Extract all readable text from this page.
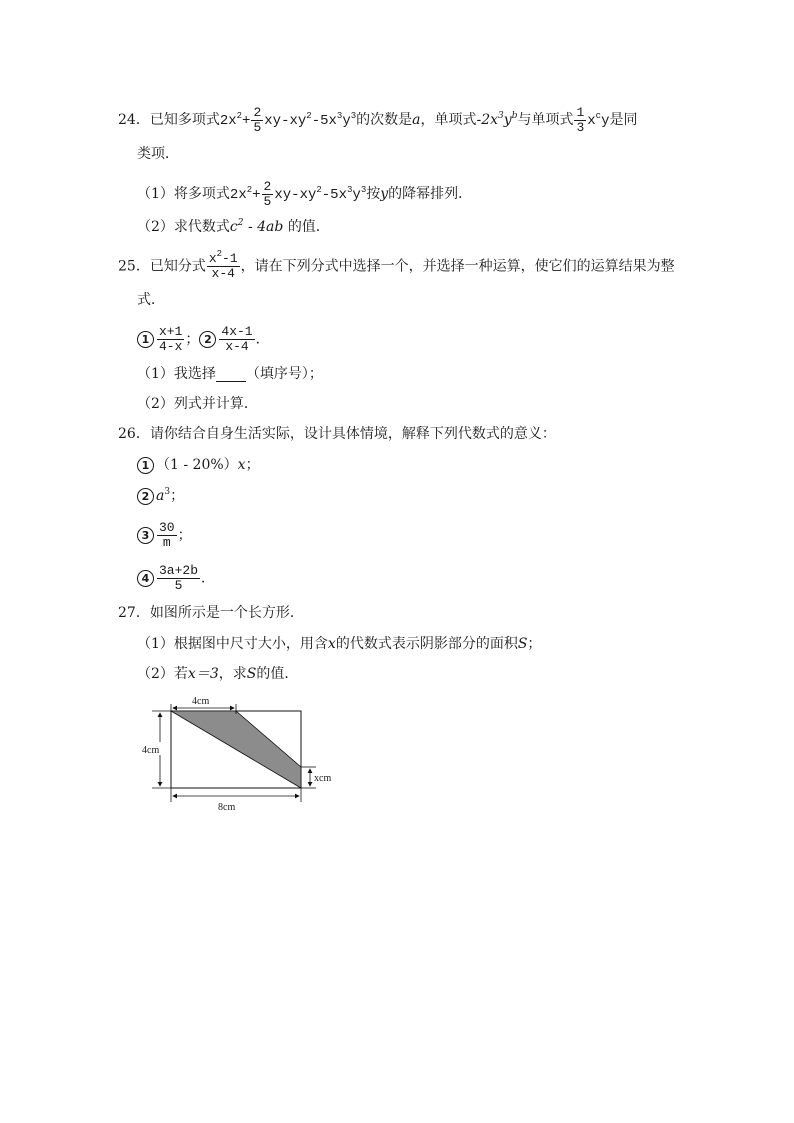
24．已知多项式$2x^2+ \frac{2}{5} xy-xy^2-5x^3y^3$的次数是a，单项式$-2x^3y^b$与单项式 $\frac{1}{3} x^cy$是同
类项．
（1）将多项式$2x^2+ \frac{2}{5} xy-xy^2-5x^3y^3$按y的降幂排列．
（2）求代数式$c^2 - 4ab$ 的值．
25．已知分式 $\frac{x^2-1}{x-4}$ ，请在下列分式中选择一个，并选择一种运算，使它们的运算结果为整
式．
$1 \frac{x+1}{4-x}$ ； $2 \frac{4x-1}{x-4}$ ．
（1）我选择 （填序号）；
（2）列式并计算．
26．请你结合自身生活实际，设计具体情境，解释下列代数式的意义：
1 （1 - 20%）x；
2 $a^3$；
$3 \frac{30}{m}$ ；
$4 \frac{3a+2b}{5}$ ．
27．如图所示是一个长方形．
（1）根据图中尺寸大小，用含x的代数式表示阴影部分的面积S；
（2）若x＝3，求S的值．
4cm
4cm
xcm
8cm
